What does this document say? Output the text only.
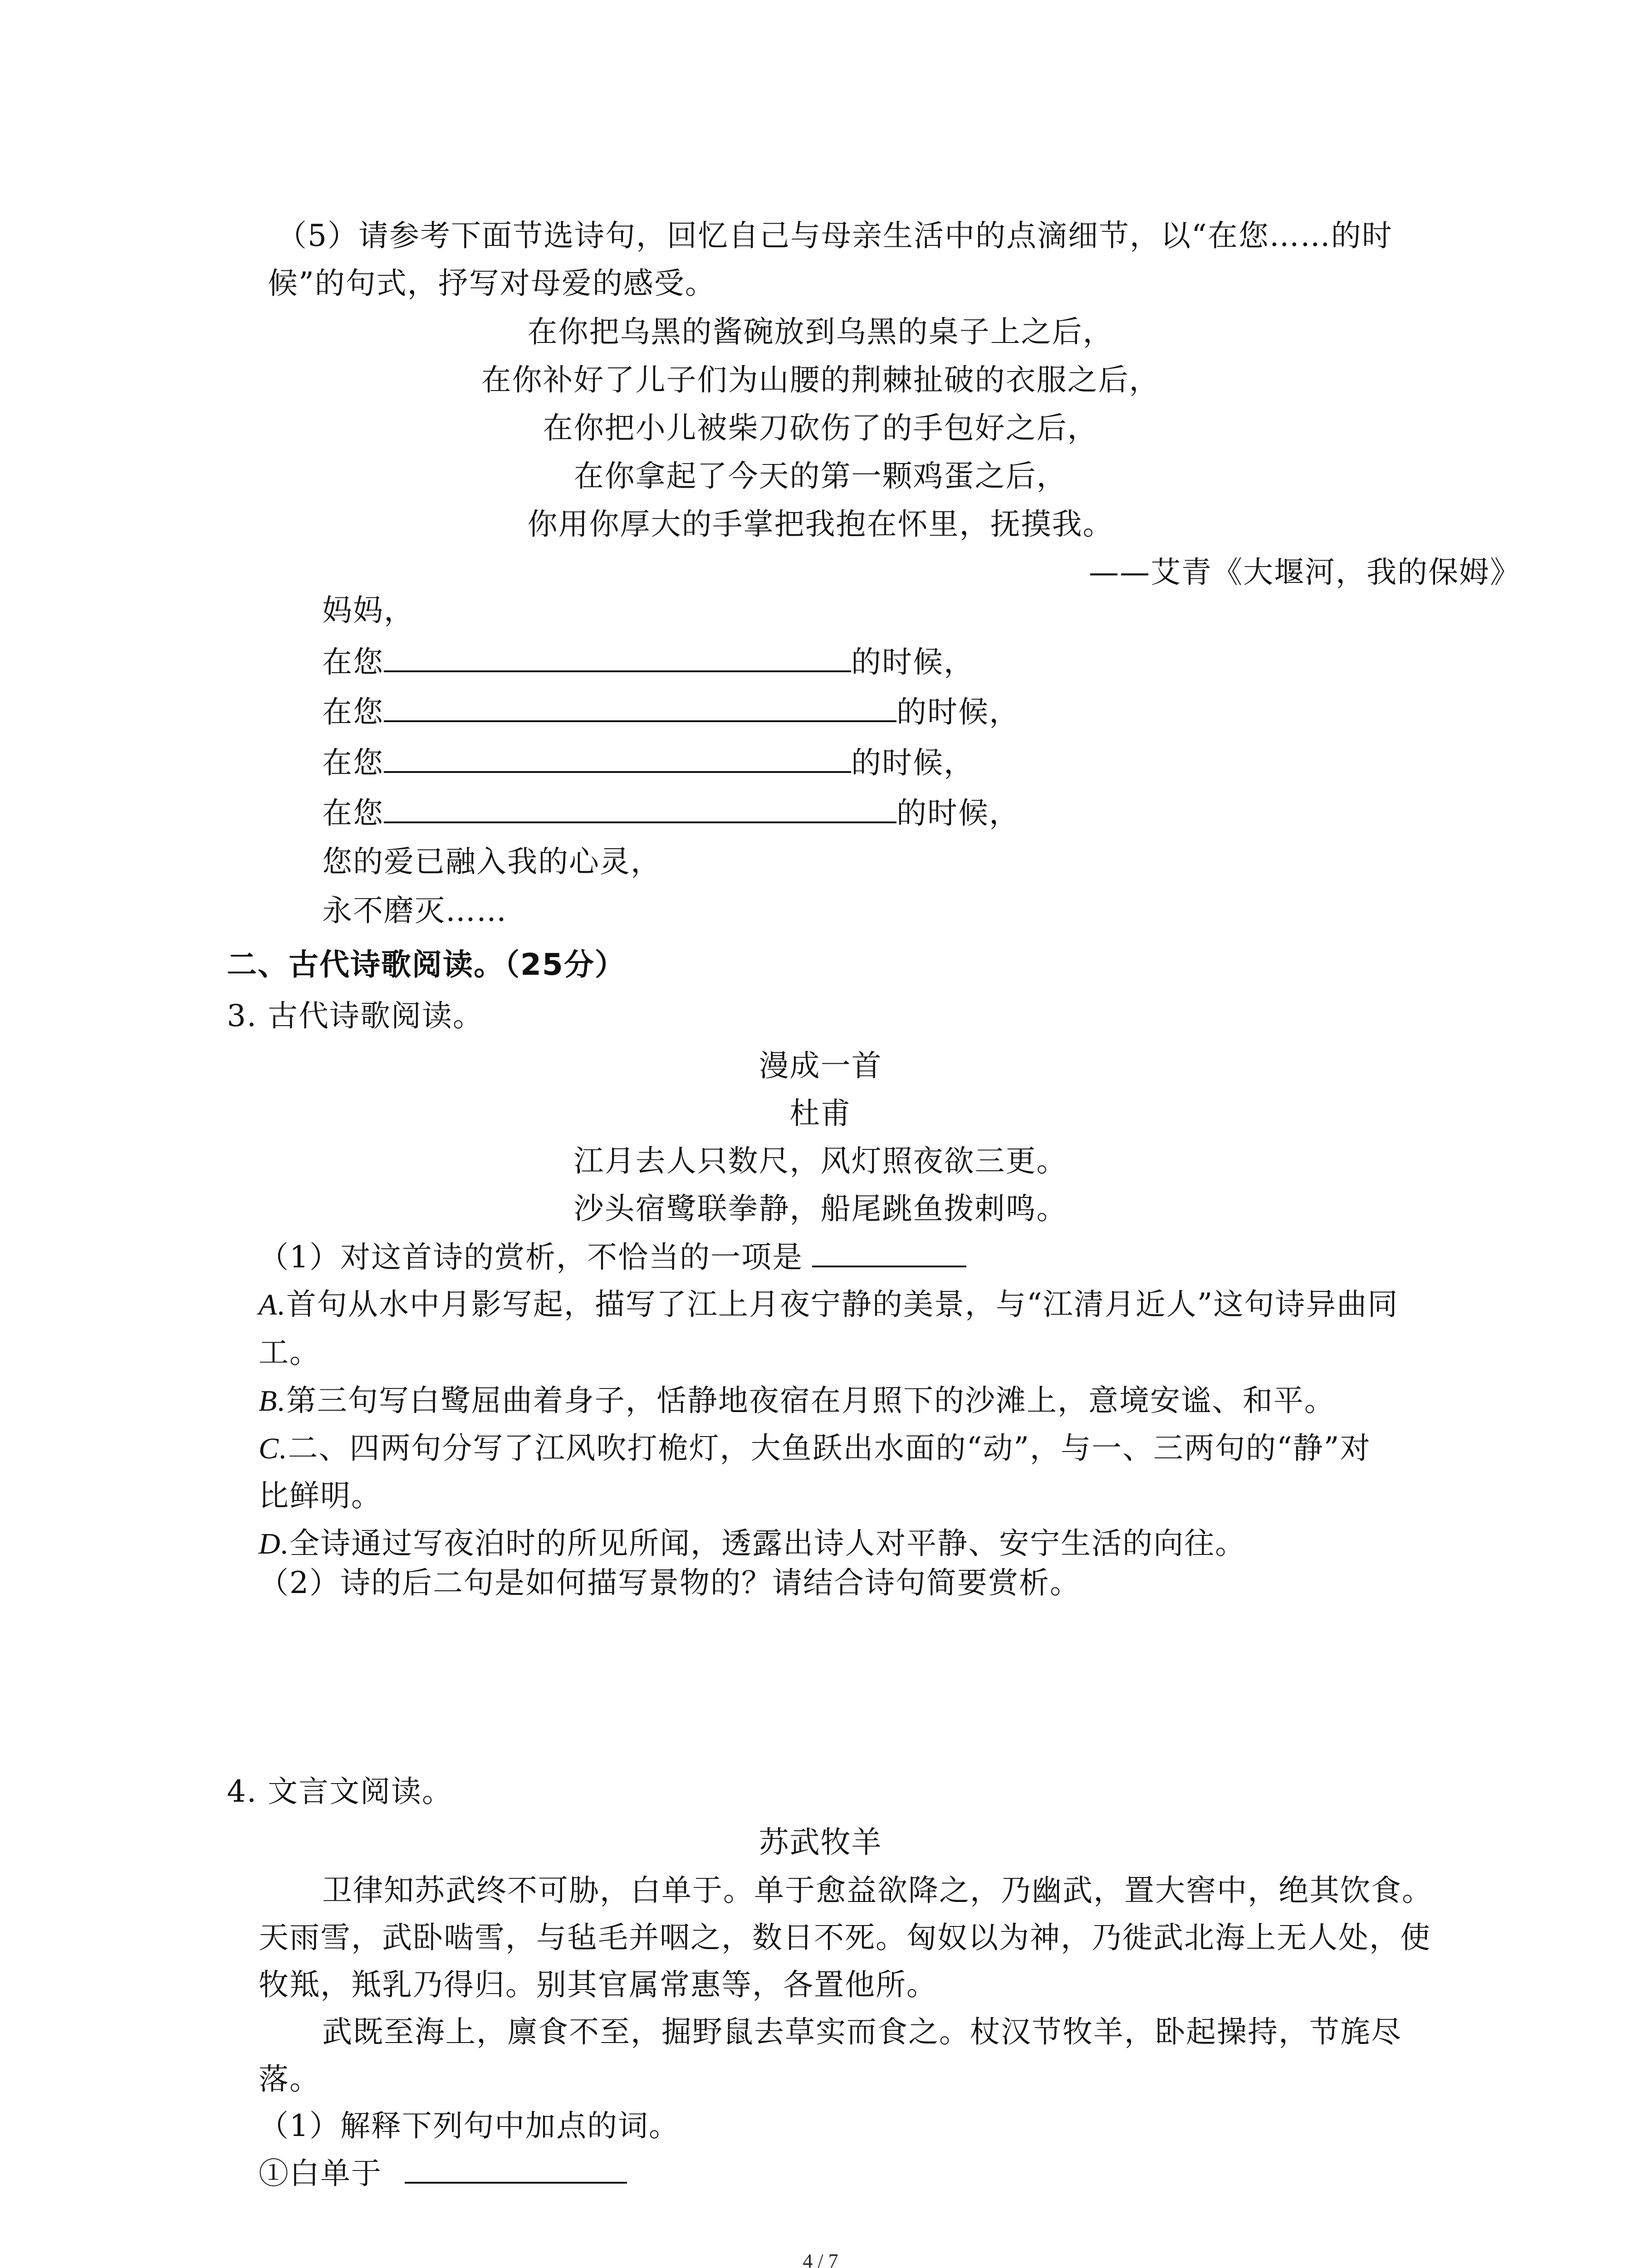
（5）请参考下面节选诗句，回忆自己与母亲生活中的点滴细节，以“在您……的时
候”的句式，抒写对母爱的感受。
在你把乌黑的酱碗放到乌黑的桌子上之后，
在你补好了儿子们为山腰的荆棘扯破的衣服之后，
在你把小儿被柴刀砍伤了的手包好之后，
在你拿起了今天的第一颗鸡蛋之后，
你用你厚大的手掌把我抱在怀里，抚摸我。
——艾青《大堰河，我的保姆》
妈妈，
在您	的时候，
在您	的时候，
在您	的时候，
在您	的时候，
您的爱已融入我的心灵，
永不磨灭……
二、古代诗歌阅读。（25分）
3. 古代诗歌阅读。
漫成一首
杜甫
江月去人只数尺，风灯照夜欲三更。
沙头宿鹭联拳静，船尾跳鱼拨剌鸣。
（1）对这首诗的赏析，不恰当的一项是
A.首句从水中月影写起，描写了江上月夜宁静的美景，与“江清月近人”这句诗异曲同
工。
B.第三句写白鹭屈曲着身子，恬静地夜宿在月照下的沙滩上，意境安谧、和平。
C.二、四两句分写了江风吹打桅灯，大鱼跃出水面的“动”，与一、三两句的“静”对
比鲜明。
D.全诗通过写夜泊时的所见所闻，透露出诗人对平静、安宁生活的向往。
（2）诗的后二句是如何描写景物的？请结合诗句简要赏析。
4. 文言文阅读。
苏武牧羊
卫律知苏武终不可胁，白单于。单于愈益欲降之，乃幽武，置大窖中，绝其饮食。
天雨雪，武卧啮雪，与毡毛并咽之，数日不死。匈奴以为神，乃徙武北海上无人处，使
牧羝，羝乳乃得归。别其官属常惠等，各置他所。
武既至海上，廪食不至，掘野鼠去草实而食之。杖汉节牧羊，卧起操持，节旄尽
落。
（1）解释下列句中加点的词。
①白单于
4 / 7
